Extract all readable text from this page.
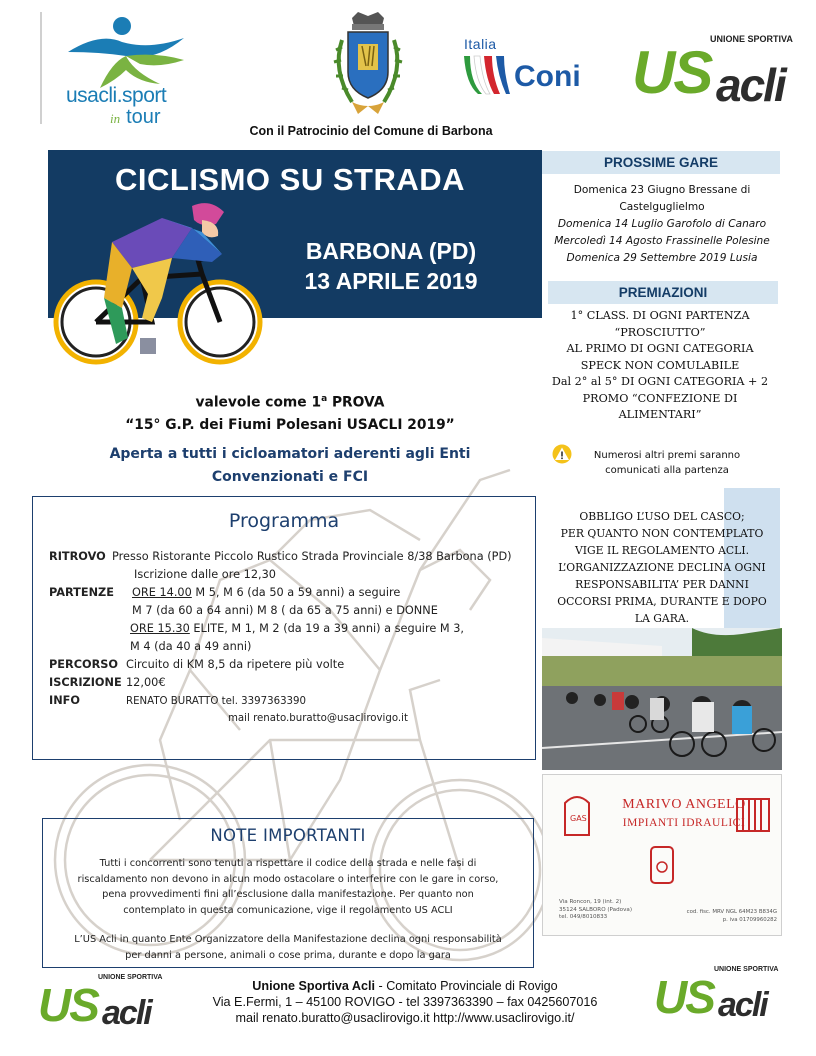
usacli.sport
in tour
Italia
Coni
UNIONE SPORTIVA
US acli
Con il Patrocinio del Comune di Barbona
CICLISMO SU STRADA
BARBONA (PD)
13 APRILE 2019
PROSSIME GARE
Domenica 23 Giugno Bressane di Castelguglielmo
Domenica 14 Luglio Garofolo di Canaro
Mercoledì 14 Agosto Frassinelle Polesine
Domenica 29 Settembre 2019 Lusia
PREMIAZIONI
1° CLASS. DI OGNI PARTENZA
“PROSCIUTTO”
AL PRIMO DI OGNI CATEGORIA
SPECK NON COMULABILE
Dal 2° al 5° DI OGNI CATEGORIA + 2
PROMO “CONFEZIONE DI
ALIMENTARI”
Numerosi altri premi saranno
comunicati alla partenza
OBBLIGO L’USO DEL CASCO;
PER QUANTO NON CONTEMPLATO
VIGE IL REGOLAMENTO ACLI.
L’ORGANIZZAZIONE DECLINA OGNI
RESPONSABILITA’ PER DANNI
OCCORSI PRIMA, DURANTE E DOPO
LA GARA.
GAS
MARIVO ANGELO
IMPIANTI IDRAULICI
Via Roncon, 19 (int. 2)
35124 SALBORO (Padova)
tel. 049/8010833
cod. fisc. MRV NGL 64M23 B834G
p. iva 01709960282
valevole come 1$^a$ PROVA
“15° G.P. dei Fiumi Polesani USACLI 2019”
Aperta a tutti i cicloamatori aderenti agli Enti
Convenzionati e FCI
Programma
RITROVO Presso Ristorante Piccolo Rustico Strada Provinciale 8/38 Barbona (PD)
Iscrizione dalle ore 12,30
PARTENZE ORE 14.00 M 5, M 6 (da 50 a 59 anni) a seguire
M 7 (da 60 a 64 anni) M 8 ( da 65 a 75 anni) e DONNE
ORE 15.30 ELITE, M 1, M 2 (da 19 a 39 anni) a seguire M 3,
M 4 (da 40 a 49 anni)
PERCORSO Circuito di KM 8,5 da ripetere più volte
ISCRIZIONE 12,00€
INFO	RENATO BURATTO tel. 3397363390
mail renato.buratto@usaclirovigo.it
NOTE IMPORTANTI
Tutti i concorrenti sono tenuti a rispettare il codice della strada e nelle fasi di
riscaldamento non devono in alcun modo ostacolare o interferire con le gare in corso,
pena provvedimenti fini all’esclusione dalla manifestazione. Per quanto non
contemplato in questa comunicazione, vige il regolamento US ACLI
L’US Acli in quanto Ente Organizzatore della Manifestazione declina ogni responsabilità
per danni a persone, animali o cose prima, durante e dopo la gara
UNIONE SPORTIVA
US acli
Unione Sportiva Acli - Comitato Provinciale di Rovigo
Via E.Fermi, 1 – 45100 ROVIGO - tel 3397363390 – fax 0425607016
mail renato.buratto@usaclirovigo.it http://www.usaclirovigo.it/
UNIONE SPORTIVA
US acli
